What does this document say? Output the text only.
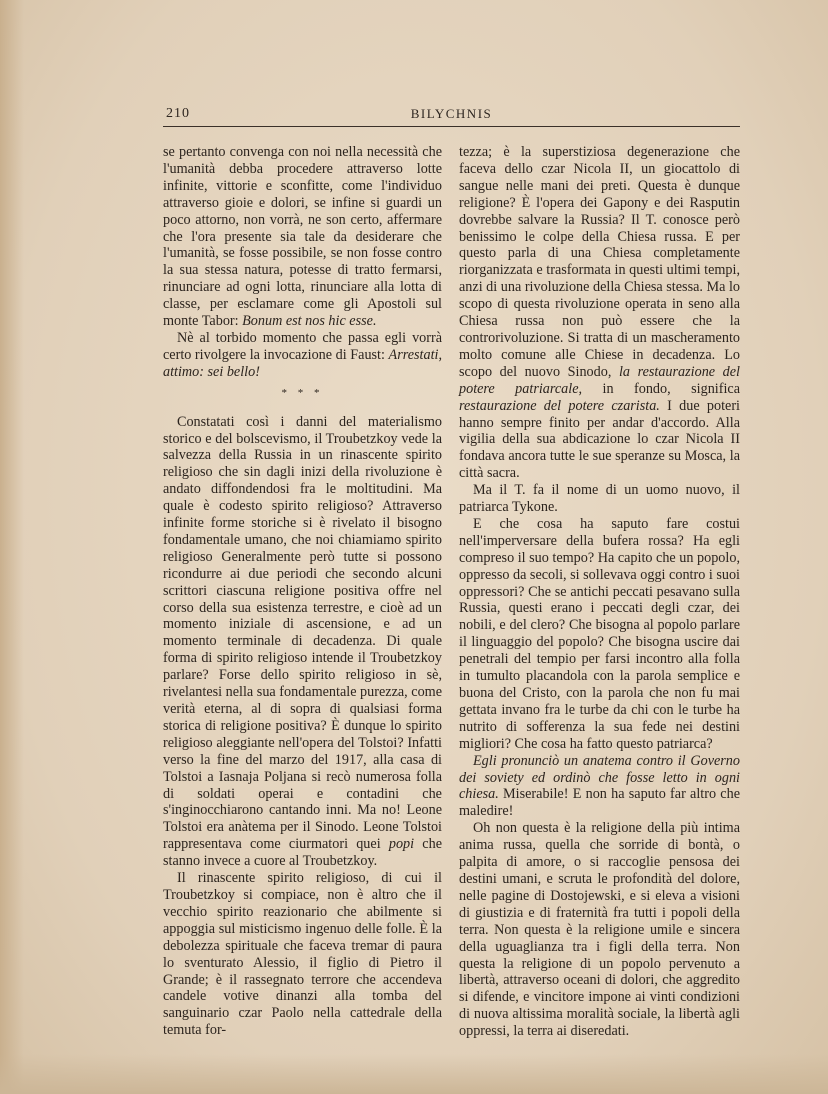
210	BILYCHNIS

se pertanto convenga con noi nella necessità che l'umanità debba procedere attraverso lotte infinite, vittorie e sconfitte, come l'individuo attraverso gioie e dolori, se infine si guardi un poco attorno, non vorrà, ne son certo, affermare che l'ora presente sia tale da desiderare che l'umanità, se fosse possibile, se non fosse contro la sua stessa natura, potesse di tratto fermarsi, rinunciare ad ogni lotta, rinunciare alla lotta di classe, per esclamare come gli Apostoli sul monte Tabor: Bonum est nos hic esse.

Nè al torbido momento che passa egli vorrà certo rivolgere la invocazione di Faust: Arrestati, attimo: sei bello!

* * *

Constatati così i danni del materialismo storico e del bolscevismo, il Troubetzkoy vede la salvezza della Russia in un rinascente spirito religioso che sin dagli inizi della rivoluzione è andato diffondendosi fra le moltitudini. Ma quale è codesto spirito religioso? Attraverso infinite forme storiche si è rivelato il bisogno fondamentale umano, che noi chiamiamo spirito religioso Generalmente però tutte si possono ricondurre ai due periodi che secondo alcuni scrittori ciascuna religione positiva offre nel corso della sua esistenza terrestre, e cioè ad un momento iniziale di ascensione, e ad un momento terminale di decadenza. Di quale forma di spirito religioso intende il Troubetzkoy parlare? Forse dello spirito religioso in sè, rivelantesi nella sua fondamentale purezza, come verità eterna, al di sopra di qualsiasi forma storica di religione positiva? È dunque lo spirito religioso aleggiante nell'opera del Tolstoi? Infatti verso la fine del marzo del 1917, alla casa di Tolstoi a Iasnaja Poljana si recò numerosa folla di soldati operai e contadini che s'inginocchiarono cantando inni. Ma no! Leone Tolstoi era anàtema per il Sinodo. Leone Tolstoi rappresentava come ciurmatori quei popi che stanno invece a cuore al Troubetzkoy.

Il rinascente spirito religioso, di cui il Troubetzkoy si compiace, non è altro che il vecchio spirito reazionario che abilmente si appoggia sul misticismo ingenuo delle folle. È la debolezza spirituale che faceva tremar di paura lo sventurato Alessio, il figlio di Pietro il Grande; è il rassegnato terrore che accendeva candele votive dinanzi alla tomba del sanguinario czar Paolo nella cattedrale della temuta for-

tezza; è la superstiziosa degenerazione che faceva dello czar Nicola II, un giocattolo di sangue nelle mani dei preti. Questa è dunque religione? È l'opera dei Gapony e dei Rasputin dovrebbe salvare la Russia? Il T. conosce però benissimo le colpe della Chiesa russa. E per questo parla di una Chiesa completamente riorganizzata e trasformata in questi ultimi tempi, anzi di una rivoluzione della Chiesa stessa. Ma lo scopo di questa rivoluzione operata in seno alla Chiesa russa non può essere che la controrivoluzione. Si tratta di un mascheramento molto comune alle Chiese in decadenza. Lo scopo del nuovo Sinodo, la restaurazione del potere patriarcale, in fondo, significa restaurazione del potere czarista. I due poteri hanno sempre finito per andar d'accordo. Alla vigilia della sua abdicazione lo czar Nicola II fondava ancora tutte le sue speranze su Mosca, la città sacra.

Ma il T. fa il nome di un uomo nuovo, il patriarca Tykone.

E che cosa ha saputo fare costui nell'imperversare della bufera rossa? Ha egli compreso il suo tempo? Ha capito che un popolo, oppresso da secoli, si sollevava oggi contro i suoi oppressori? Che se antichi peccati pesavano sulla Russia, questi erano i peccati degli czar, dei nobili, e del clero? Che bisogna al popolo parlare il linguaggio del popolo? Che bisogna uscire dai penetrali del tempio per farsi incontro alla folla in tumulto placandola con la parola semplice e buona del Cristo, con la parola che non fu mai gettata invano fra le turbe da chi con le turbe ha nutrito di sofferenza la sua fede nei destini migliori? Che cosa ha fatto questo patriarca?

Egli pronunciò un anatema contro il Governo dei soviety ed ordinò che fosse letto in ogni chiesa. Miserabile! E non ha saputo far altro che maledire!

Oh non questa è la religione della più intima anima russa, quella che sorride di bontà, o palpita di amore, o si raccoglie pensosa dei destini umani, e scruta le profondità del dolore, nelle pagine di Dostojewski, e si eleva a visioni di giustizia e di fraternità fra tutti i popoli della terra. Non questa è la religione umile e sincera della uguaglianza tra i figli della terra. Non questa la religione di un popolo pervenuto a libertà, attraverso oceani di dolori, che aggredito si difende, e vincitore impone ai vinti condizioni di nuova altissima moralità sociale, la libertà agli oppressi, la terra ai diseredati.
